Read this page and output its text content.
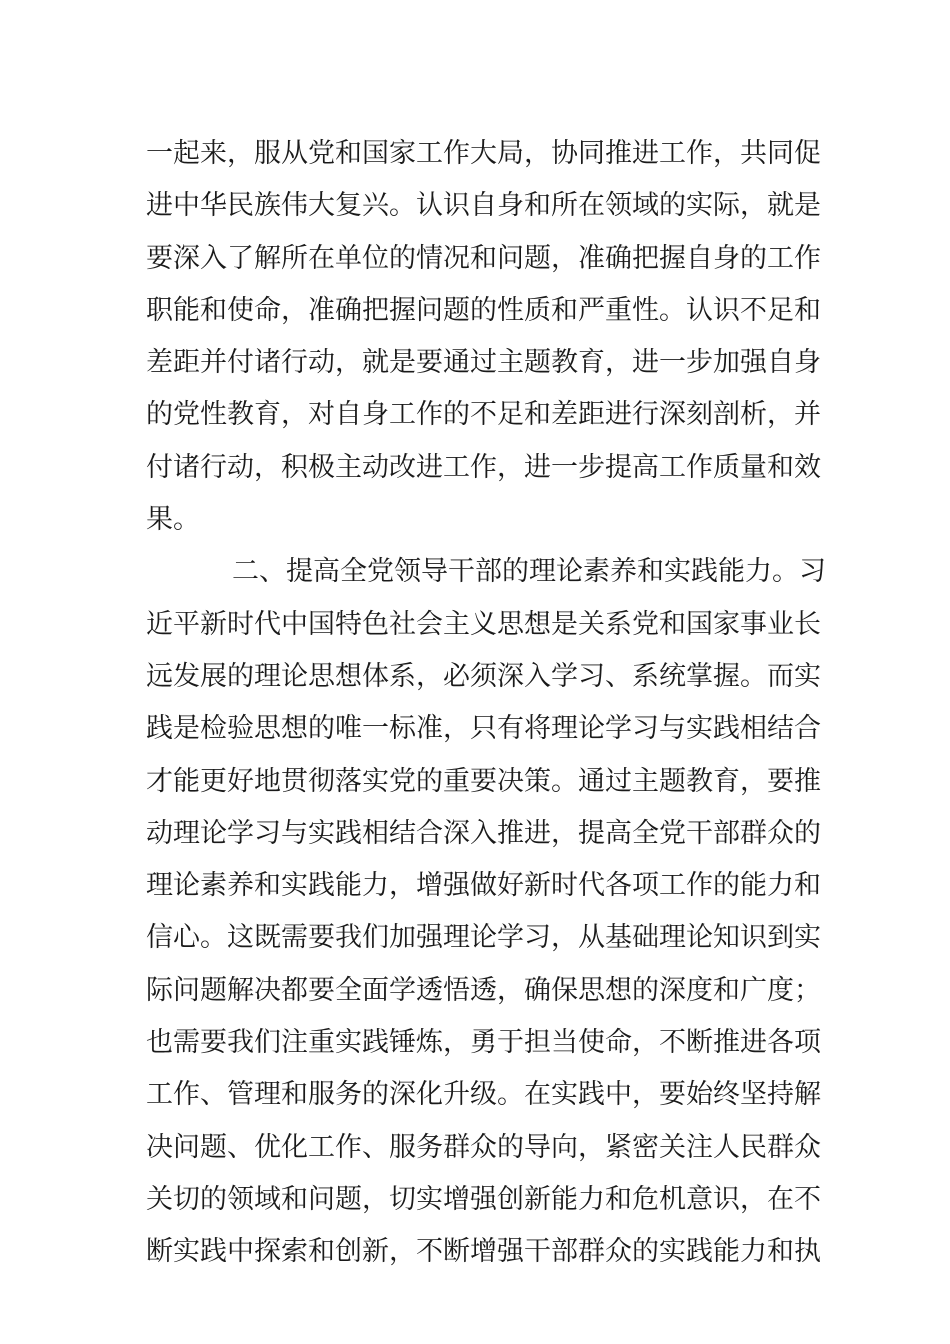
一起来，服从党和国家工作大局，协同推进工作，共同促
进中华民族伟大复兴。认识自身和所在领域的实际，就是
要深入了解所在单位的情况和问题，准确把握自身的工作
职能和使命，准确把握问题的性质和严重性。认识不足和
差距并付诸行动，就是要通过主题教育，进一步加强自身
的党性教育，对自身工作的不足和差距进行深刻剖析，并
付诸行动，积极主动改进工作，进一步提高工作质量和效
果。
二、提高全党领导干部的理论素养和实践能力。习
近平新时代中国特色社会主义思想是关系党和国家事业长
远发展的理论思想体系，必须深入学习、系统掌握。而实
践是检验思想的唯一标准，只有将理论学习与实践相结合
才能更好地贯彻落实党的重要决策。通过主题教育，要推
动理论学习与实践相结合深入推进，提高全党干部群众的
理论素养和实践能力，增强做好新时代各项工作的能力和
信心。这既需要我们加强理论学习，从基础理论知识到实
际问题解决都要全面学透悟透，确保思想的深度和广度；
也需要我们注重实践锤炼，勇于担当使命，不断推进各项
工作、管理和服务的深化升级。在实践中，要始终坚持解
决问题、优化工作、服务群众的导向，紧密关注人民群众
关切的领域和问题，切实增强创新能力和危机意识，在不
断实践中探索和创新，不断增强干部群众的实践能力和执
